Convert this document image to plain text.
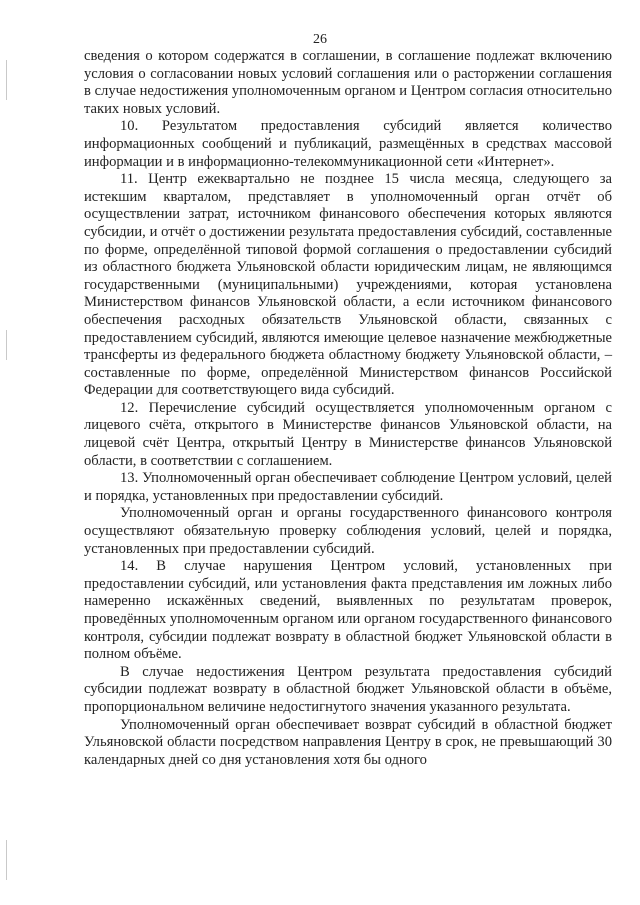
26

сведения о котором содержатся в соглашении, в соглашение подлежат включению условия о согласовании новых условий соглашения или о расторжении соглашения в случае недостижения уполномоченным органом и Центром согласия относительно таких новых условий.

10. Результатом предоставления субсидий является количество информационных сообщений и публикаций, размещённых в средствах массовой информации и в информационно-телекоммуникационной сети «Интернет».

11. Центр ежеквартально не позднее 15 числа месяца, следующего за истекшим кварталом, представляет в уполномоченный орган отчёт об осуществлении затрат, источником финансового обеспечения которых являются субсидии, и отчёт о достижении результата предоставления субсидий, составленные по форме, определённой типовой формой соглашения о предоставлении субсидий из областного бюджета Ульяновской области юридическим лицам, не являющимся государственными (муниципальными) учреждениями, которая установлена Министерством финансов Ульяновской области, а если источником финансового обеспечения расходных обязательств Ульяновской области, связанных с предоставлением субсидий, являются имеющие целевое назначение межбюджетные трансферты из федерального бюджета областному бюджету Ульяновской области, – составленные по форме, определённой Министерством финансов Российской Федерации для соответствующего вида субсидий.

12. Перечисление субсидий осуществляется уполномоченным органом с лицевого счёта, открытого в Министерстве финансов Ульяновской области, на лицевой счёт Центра, открытый Центру в Министерстве финансов Ульяновской области, в соответствии с соглашением.

13. Уполномоченный орган обеспечивает соблюдение Центром условий, целей и порядка, установленных при предоставлении субсидий.

Уполномоченный орган и органы государственного финансового контроля осуществляют обязательную проверку соблюдения условий, целей и порядка, установленных при предоставлении субсидий.

14. В случае нарушения Центром условий, установленных при предоставлении субсидий, или установления факта представления им ложных либо намеренно искажённых сведений, выявленных по результатам проверок, проведённых уполномоченным органом или органом государственного финансового контроля, субсидии подлежат возврату в областной бюджет Ульяновской области в полном объёме.

В случае недостижения Центром результата предоставления субсидий субсидии подлежат возврату в областной бюджет Ульяновской области в объёме, пропорциональном величине недостигнутого значения указанного результата.

Уполномоченный орган обеспечивает возврат субсидий в областной бюджет Ульяновской области посредством направления Центру в срок, не превышающий 30 календарных дней со дня установления хотя бы одного
